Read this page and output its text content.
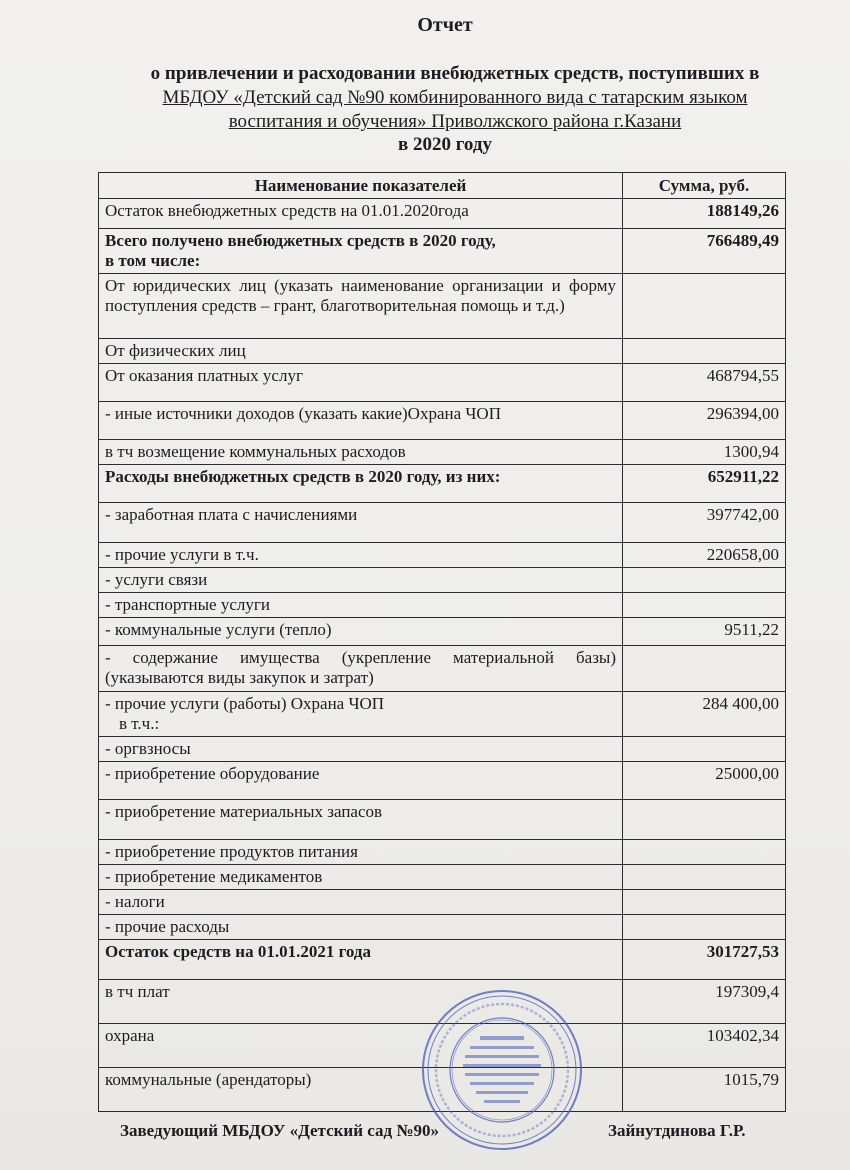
Отчет
о привлечении и расходовании внебюджетных средств, поступивших в
МБДОУ «Детский сад №90 комбинированного вида с татарским языком
воспитания и обучения» Приволжского района г.Казани
в 2020 году
Наименование показателей	Сумма, руб.
Остаток внебюджетных средств на 01.01.2020года	188149,26

Всего получено внебюджетных средств в 2020 году,
в том числе:	766489,49
От юридических лиц (указать наименование организации и форму поступления средств – грант, благотворительная помощь и т.д.)	
От физических лиц	
От оказания платных услуг	468794,55
- иные источники доходов (указать какие)Охрана ЧОП	296394,00
в тч возмещение коммунальных расходов	1300,94
Расходы внебюджетных средств в 2020 году, из них:	652911,22
- заработная плата с начислениями	397742,00
- прочие услуги в т.ч.	220658,00
- услуги связи	
- транспортные услуги	
- коммунальные услуги (тепло)	9511,22
- содержание имущества (укрепление материальной базы) (указываются виды закупок и затрат)	

- прочие услуги (работы) Охрана ЧОП
в т.ч.:	284 400,00
- оргвзносы	
- приобретение оборудование	25000,00
- приобретение материальных запасов	
- приобретение продуктов питания	
- приобретение медикаментов	
- налоги	
- прочие расходы	
Остаток средств на 01.01.2021 года	301727,53
в тч плат	197309,4
охрана	103402,34
коммунальные (арендаторы)	1015,79
Заведующий МБДОУ «Детский сад №90»	Зайнутдинова Г.Р.
